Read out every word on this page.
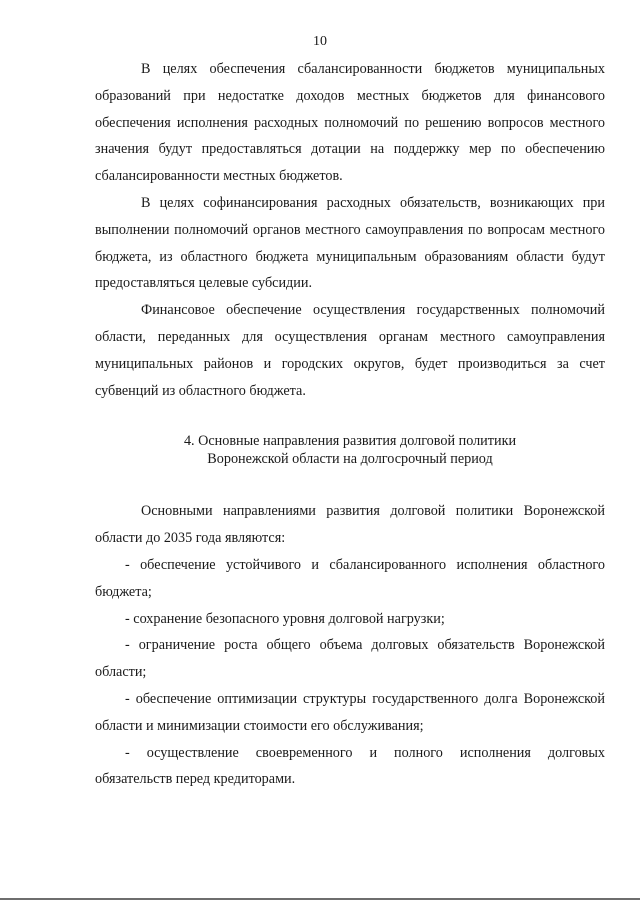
10

В целях обеспечения сбалансированности бюджетов муниципальных образований при недостатке доходов местных бюджетов для финансового обеспечения исполнения расходных полномочий по решению вопросов местного значения будут предоставляться дотации на поддержку мер по обеспечению сбалансированности местных бюджетов.

В целях софинансирования расходных обязательств, возникающих при выполнении полномочий органов местного самоуправления по вопросам местного бюджета, из областного бюджета муниципальным образованиям области будут предоставляться целевые субсидии.

Финансовое обеспечение осуществления государственных полномочий области, переданных для осуществления органам местного самоуправления муниципальных районов и городских округов, будет производиться за счет субвенций из областного бюджета.

4. Основные направления развития долговой политики
Воронежской области на долгосрочный период

Основными направлениями развития долговой политики Воронежской области до 2035 года являются:

- обеспечение устойчивого и сбалансированного исполнения областного бюджета;

- сохранение безопасного уровня долговой нагрузки;

- ограничение роста общего объема долговых обязательств Воронежской области;

- обеспечение оптимизации структуры государственного долга Воронежской области и минимизации стоимости его обслуживания;

- осуществление своевременного и полного исполнения долговых обязательств перед кредиторами.
